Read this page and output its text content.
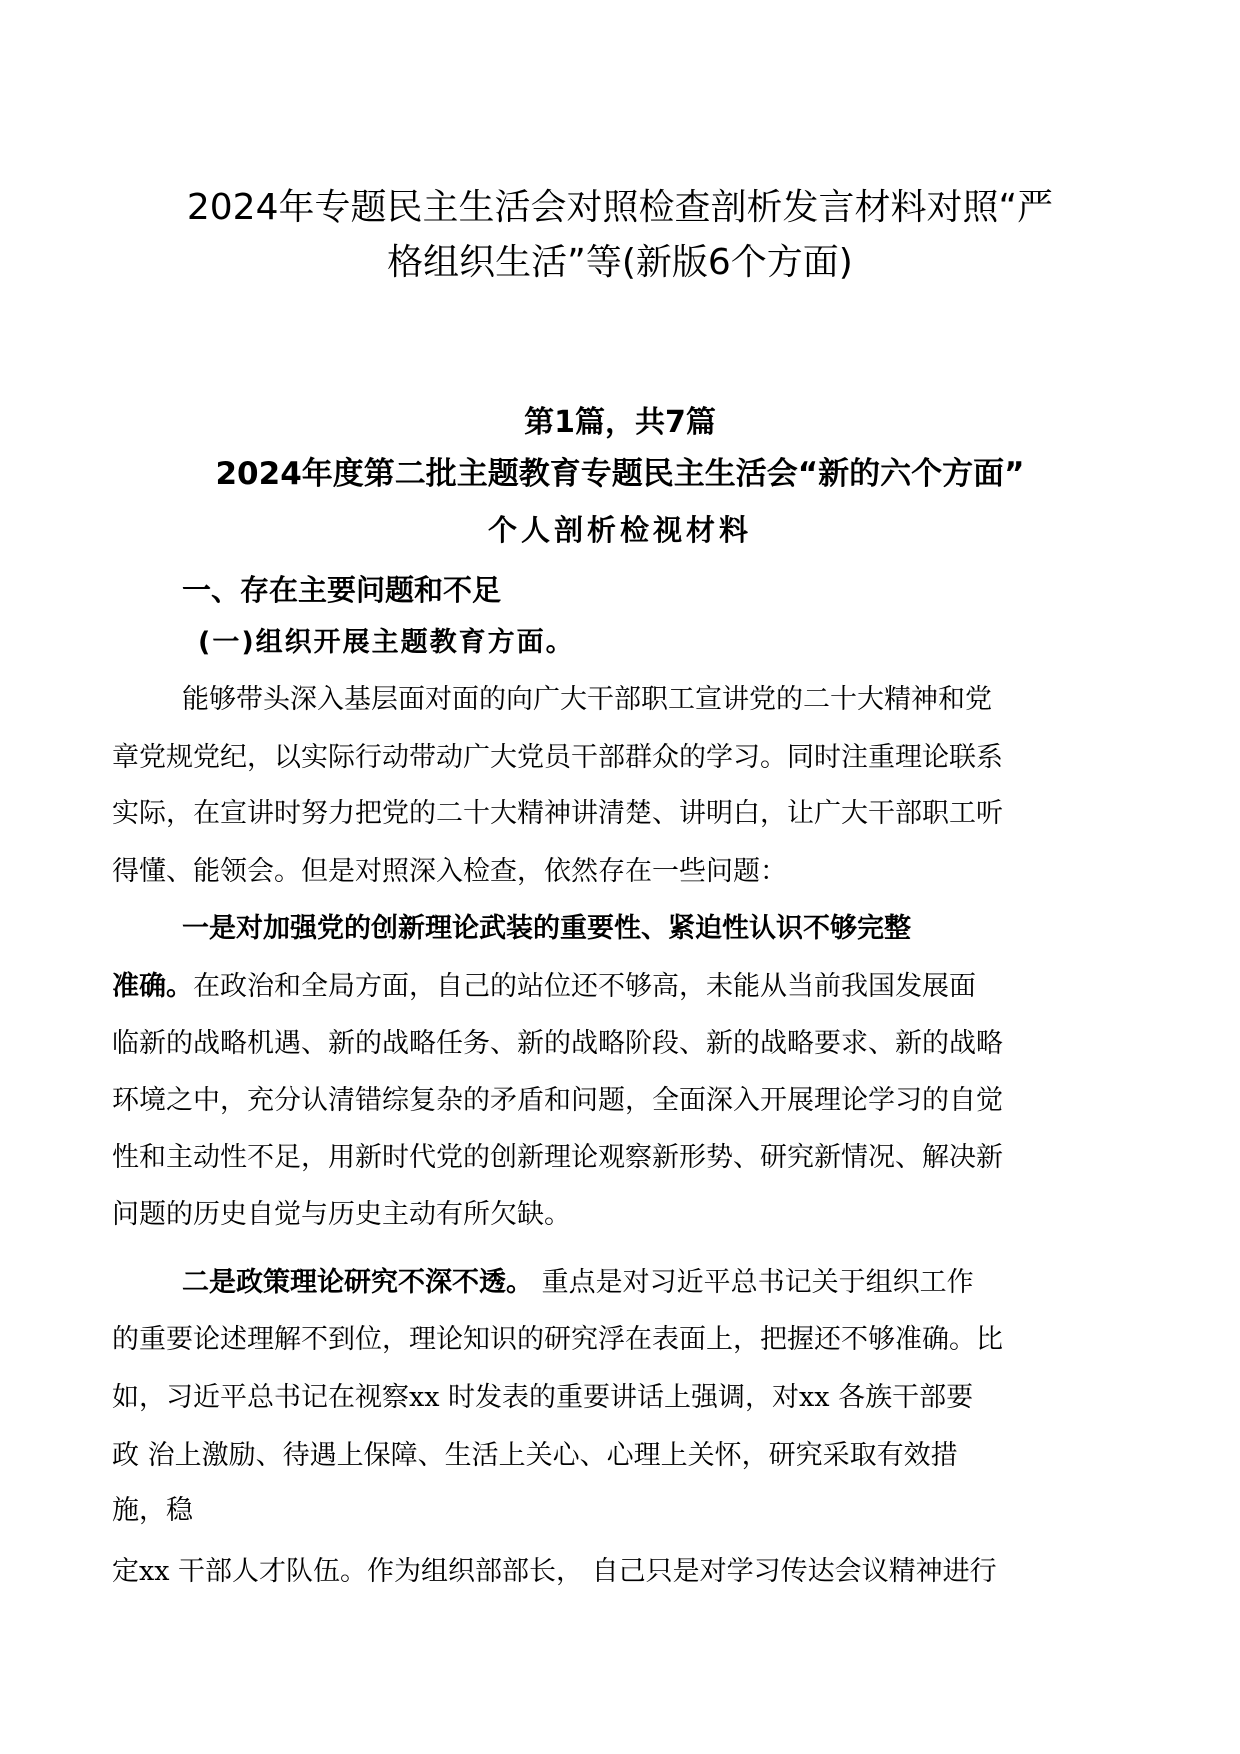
2024年专题民主生活会对照检查剖析发言材料对照“严
格组织生活”等(新版6个方面)
第1篇，共7篇
2024年度第二批主题教育专题民主生活会“新的六个方面”
个人剖析检视材料
一、存在主要问题和不足
(一)组织开展主题教育方面。
能够带头深入基层面对面的向广大干部职工宣讲党的二十大精神和党
章党规党纪，以实际行动带动广大党员干部群众的学习。同时注重理论联系
实际，在宣讲时努力把党的二十大精神讲清楚、讲明白，让广大干部职工听
得懂、能领会。但是对照深入检查，依然存在一些问题：
一是对加强党的创新理论武装的重要性、紧迫性认识不够完整
准确。在政治和全局方面，自己的站位还不够高，未能从当前我国发展面
临新的战略机遇、新的战略任务、新的战略阶段、新的战略要求、新的战略
环境之中，充分认清错综复杂的矛盾和问题，全面深入开展理论学习的自觉
性和主动性不足，用新时代党的创新理论观察新形势、研究新情况、解决新
问题的历史自觉与历史主动有所欠缺。
二是政策理论研究不深不透。 重点是对习近平总书记关于组织工作
的重要论述理解不到位，理论知识的研究浮在表面上，把握还不够准确。比
如，习近平总书记在视察xx 时发表的重要讲话上强调，对xx 各族干部要
政 治上激励、待遇上保障、生活上关心、心理上关怀，研究采取有效措
施，稳
定xx 干部人才队伍。作为组织部部长， 自己只是对学习传达会议精神进行
